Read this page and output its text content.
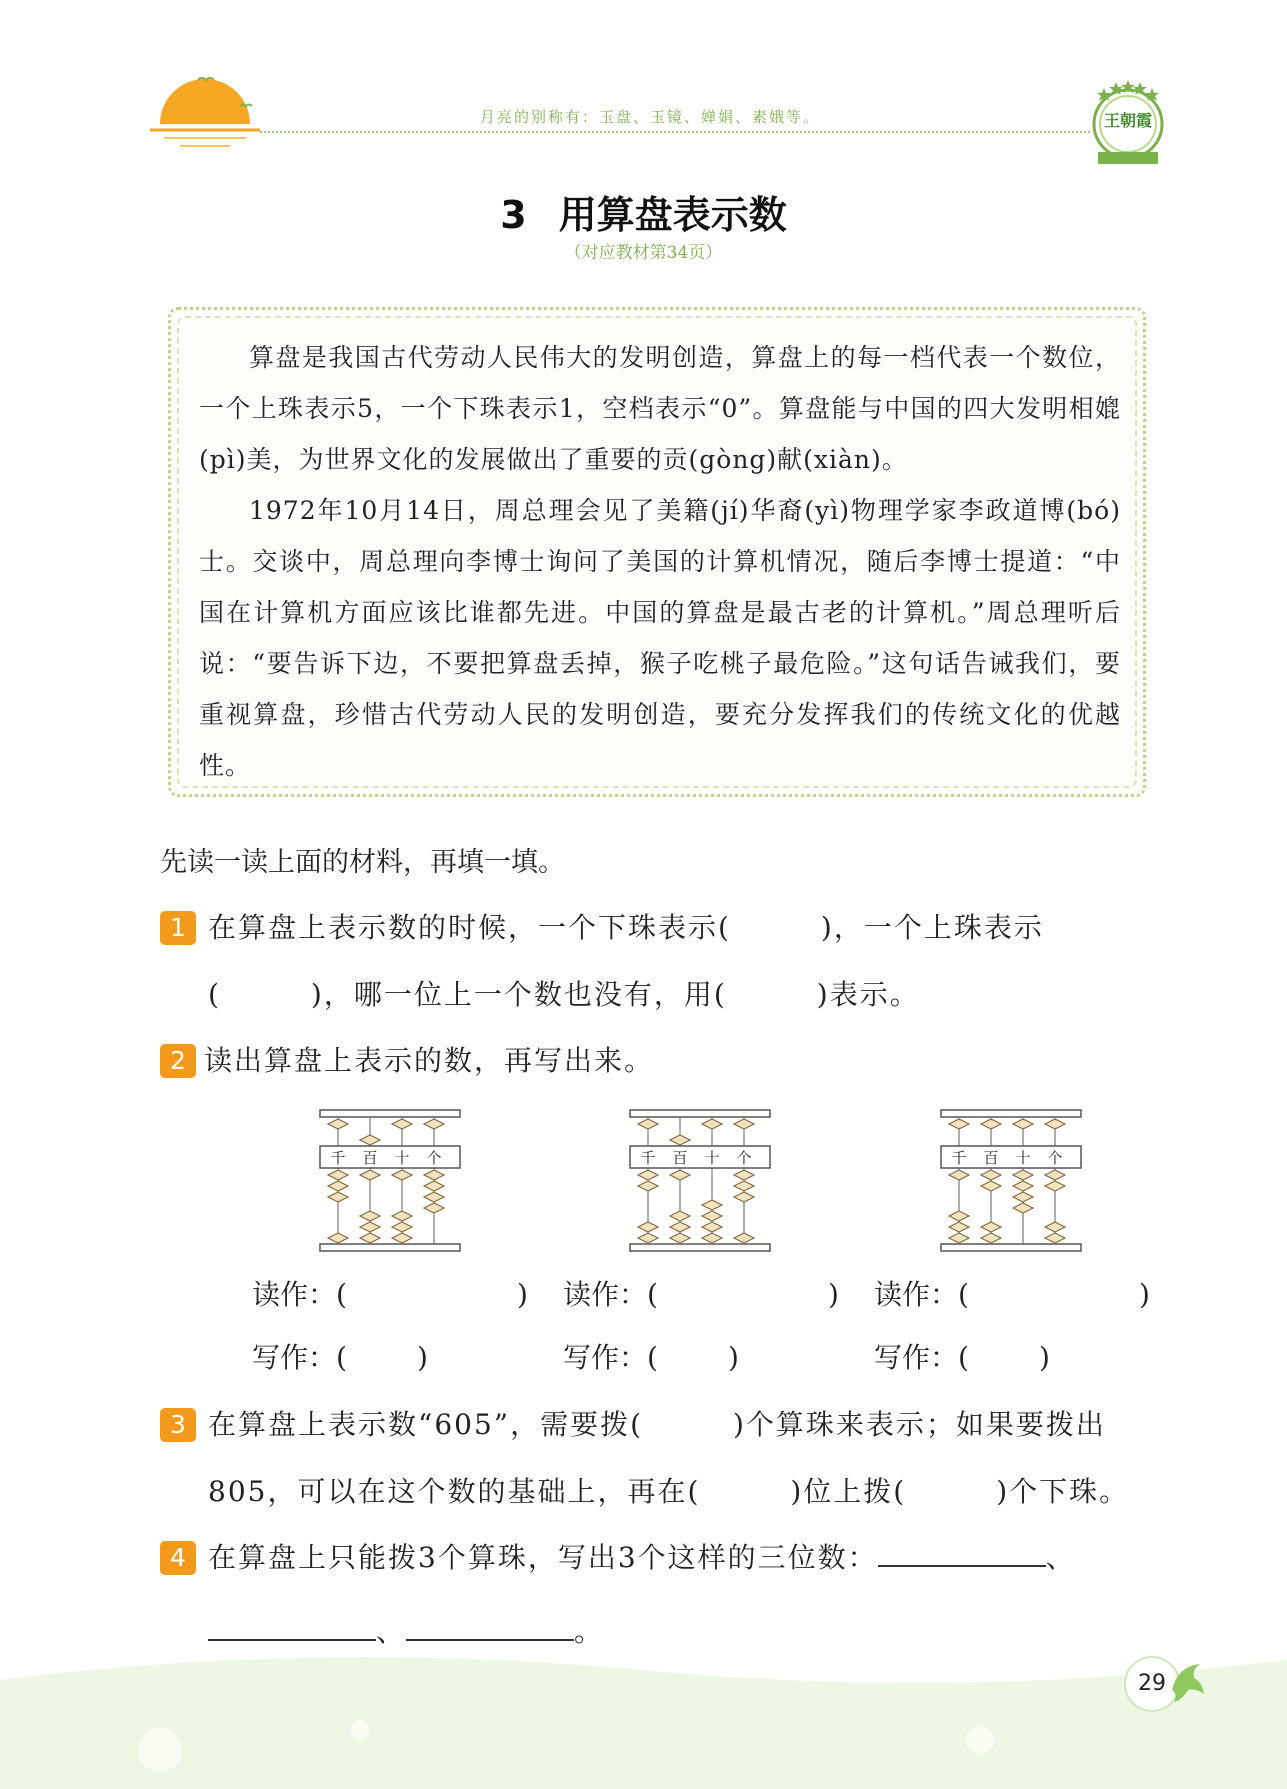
月亮的别称有：玉盘、玉镜、婵娟、素娥等。	王朝霞
3 用算盘表示数
（对应教材第34页）

算盘是我国古代劳动人民伟大的发明创造，算盘上的每一档代表一个数位，一个上珠表示5，一个下珠表示1，空档表示“0”。算盘能与中国的四大发明相媲(pì)美，为世界文化的发展做出了重要的贡(gòng)献(xiàn)。

1972年10月14日，周总理会见了美籍(jí)华裔(yì)物理学家李政道博(bó)士。交谈中，周总理向李博士询问了美国的计算机情况，随后李博士提道：“中国在计算机方面应该比谁都先进。中国的算盘是最古老的计算机。”周总理听后说：“要告诉下边，不要把算盘丢掉，猴子吃桃子最危险。”这句话告诫我们，要重视算盘，珍惜古代劳动人民的发明创造，要充分发挥我们的传统文化的优越性。

先读一读上面的材料，再填一填。
1 在算盘上表示数的时候，一个下珠表示(　　　)，一个上珠表示
(　　　)，哪一位上一个数也没有，用(　　　)表示。
2 读出算盘上表示的数，再写出来。
千 百 十 个	千 百 十 个	千 百 十 个
读作：(	) 读作：(	) 读作：(	)
写作：(	)	写作：(	)	写作：(	)
3 在算盘上表示数“605”，需要拨(　　　)个算珠来表示；如果要拨出
805，可以在这个数的基础上，再在(　　　)位上拨(　　　)个下珠。
4 在算盘上只能拨3个算珠，写出3个这样的三位数：	、
、	。
29
